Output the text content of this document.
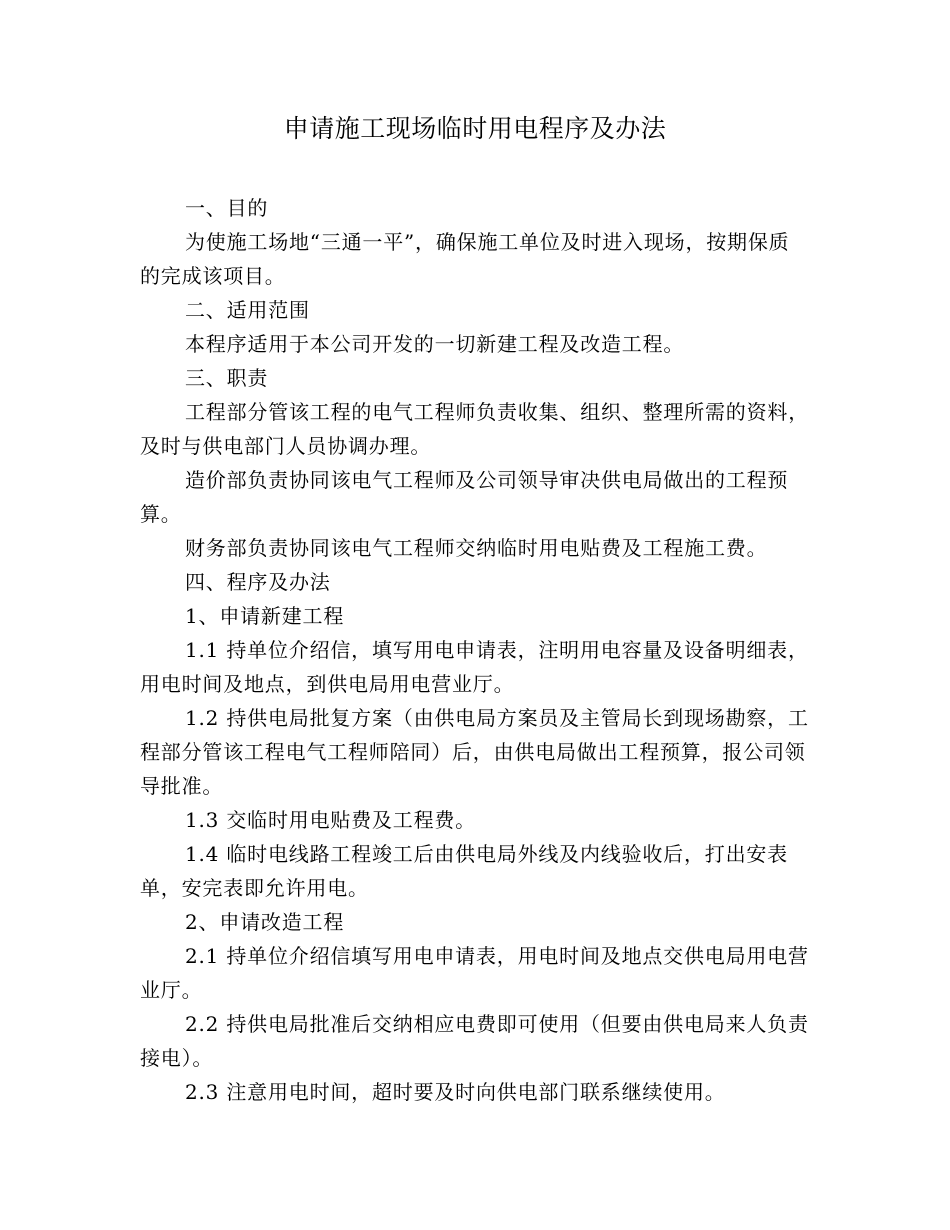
申请施工现场临时用电程序及办法

一、目的

为使施工场地“三通一平”，确保施工单位及时进入现场，按期保质的完成该项目。

二、适用范围

本程序适用于本公司开发的一切新建工程及改造工程。

三、职责

工程部分管该工程的电气工程师负责收集、组织、整理所需的资料，及时与供电部门人员协调办理。

造价部负责协同该电气工程师及公司领导审决供电局做出的工程预算。

财务部负责协同该电气工程师交纳临时用电贴费及工程施工费。

四、程序及办法

1、申请新建工程

1.1 持单位介绍信，填写用电申请表，注明用电容量及设备明细表，用电时间及地点，到供电局用电营业厅。

1.2 持供电局批复方案（由供电局方案员及主管局长到现场勘察，工程部分管该工程电气工程师陪同）后，由供电局做出工程预算，报公司领导批准。

1.3 交临时用电贴费及工程费。

1.4 临时电线路工程竣工后由供电局外线及内线验收后，打出安表单，安完表即允许用电。

2、申请改造工程

2.1 持单位介绍信填写用电申请表，用电时间及地点交供电局用电营业厅。

2.2 持供电局批准后交纳相应电费即可使用（但要由供电局来人负责接电）。

2.3 注意用电时间，超时要及时向供电部门联系继续使用。
